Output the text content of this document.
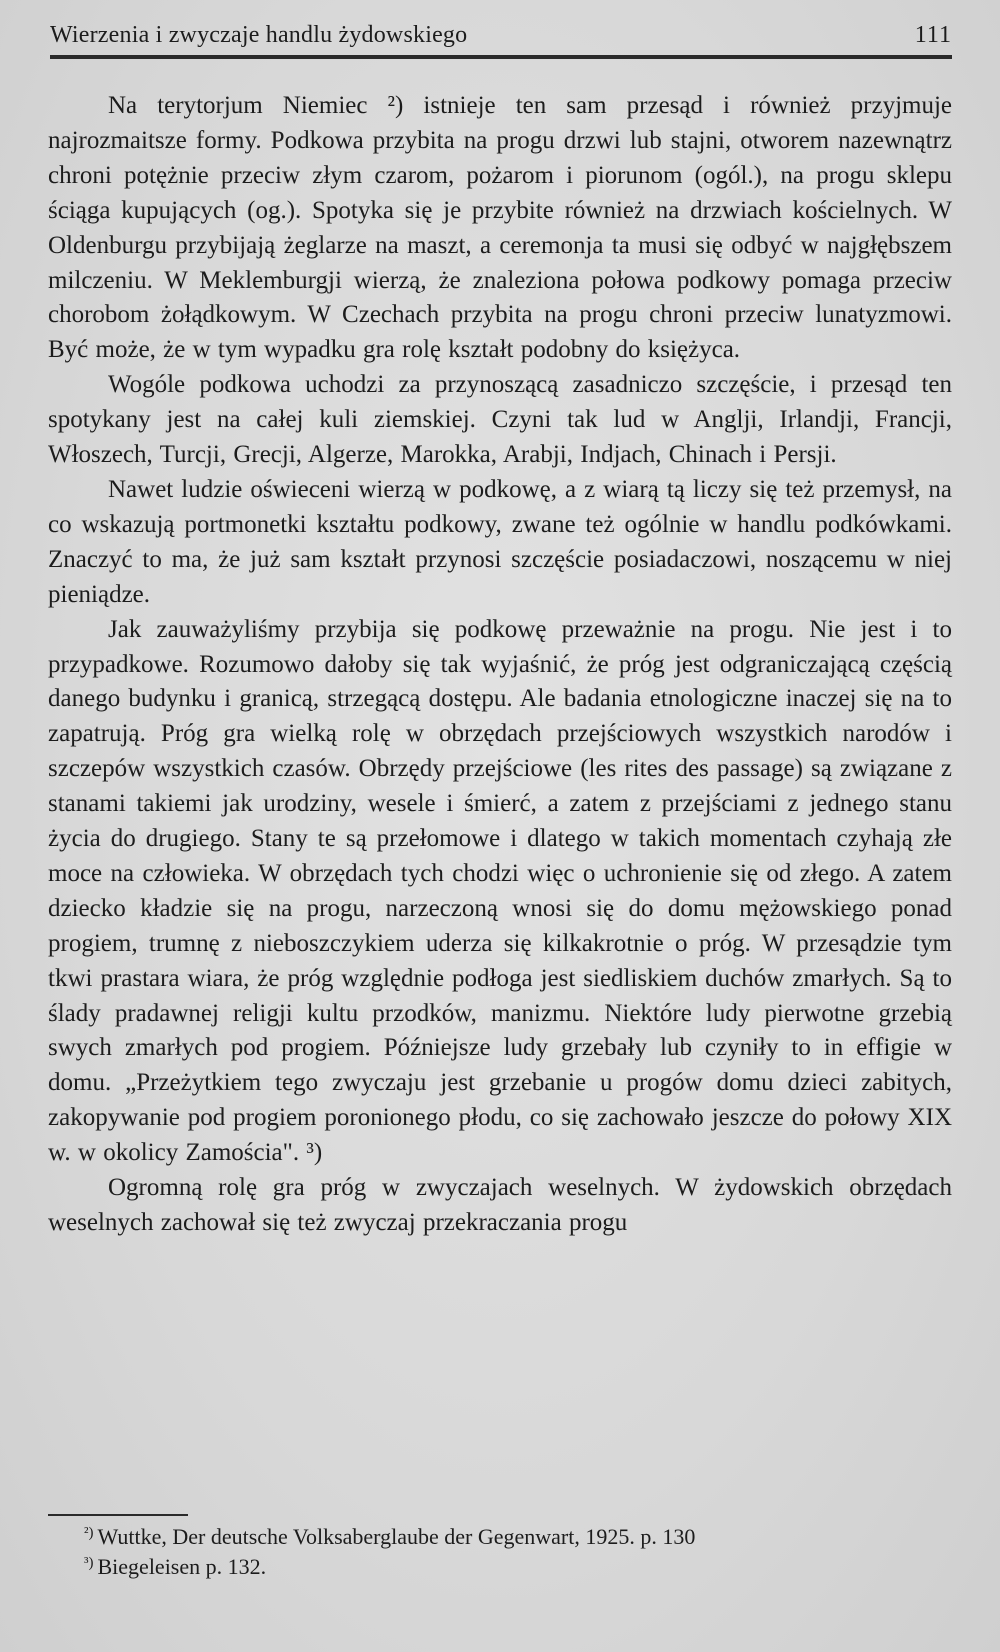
Wierzenia i zwyczaje handlu żydowskiego	111

Na terytorjum Niemiec ²) istnieje ten sam przesąd i również przyjmuje najrozmaitsze formy. Podkowa przybita na progu drzwi lub stajni, otworem nazewnątrz chroni potężnie przeciw złym czarom, pożarom i piorunom (ogól.), na progu sklepu ściąga kupujących (og.). Spotyka się je przybite również na drzwiach kościelnych. W Oldenburgu przybijają żeglarze na maszt, a ceremonja ta musi się odbyć w najgłębszem milczeniu. W Meklemburgji wierzą, że znaleziona połowa podkowy pomaga przeciw chorobom żołądkowym. W Czechach przybita na progu chroni przeciw lunatyzmowi. Być może, że w tym wypadku gra rolę kształt podobny do księżyca.

Wogóle podkowa uchodzi za przynoszącą zasadniczo szczęście, i przesąd ten spotykany jest na całej kuli ziemskiej. Czyni tak lud w Anglji, Irlandji, Francji, Włoszech, Turcji, Grecji, Algerze, Marokka, Arabji, Indjach, Chinach i Persji.

Nawet ludzie oświeceni wierzą w podkowę, a z wiarą tą liczy się też przemysł, na co wskazują portmonetki kształtu podkowy, zwane też ogólnie w handlu podkówkami. Znaczyć to ma, że już sam kształt przynosi szczęście posiadaczowi, noszącemu w niej pieniądze.

Jak zauważyliśmy przybija się podkowę przeważnie na progu. Nie jest i to przypadkowe. Rozumowo dałoby się tak wyjaśnić, że próg jest odgraniczającą częścią danego budynku i granicą, strzegącą dostępu. Ale badania etnologiczne inaczej się na to zapatrują. Próg gra wielką rolę w obrzędach przejściowych wszystkich narodów i szczepów wszystkich czasów. Obrzędy przejściowe (les rites des passage) są związane z stanami takiemi jak urodziny, wesele i śmierć, a zatem z przejściami z jednego stanu życia do drugiego. Stany te są przełomowe i dlatego w takich momentach czyhają złe moce na człowieka. W obrzędach tych chodzi więc o uchronienie się od złego. A zatem dziecko kładzie się na progu, narzeczoną wnosi się do domu mężowskiego ponad progiem, trumnę z nieboszczykiem uderza się kilkakrotnie o próg. W przesądzie tym tkwi prastara wiara, że próg względnie podłoga jest siedliskiem duchów zmarłych. Są to ślady pradawnej religji kultu przodków, manizmu. Niektóre ludy pierwotne grzebią swych zmarłych pod progiem. Późniejsze ludy grzebały lub czyniły to in effigie w domu. „Przeżytkiem tego zwyczaju jest grzebanie u progów domu dzieci zabitych, zakopywanie pod progiem poronionego płodu, co się zachowało jeszcze do połowy XIX w. w okolicy Zamościa". ³)

Ogromną rolę gra próg w zwyczajach weselnych. W żydowskich obrzędach weselnych zachował się też zwyczaj przekraczania progu

$^{^2)}$ Wuttke, Der deutsche Volksaberglaube der Gegenwart, 1925. p. 130
$^{^3)}$ Biegeleisen p. 132.
